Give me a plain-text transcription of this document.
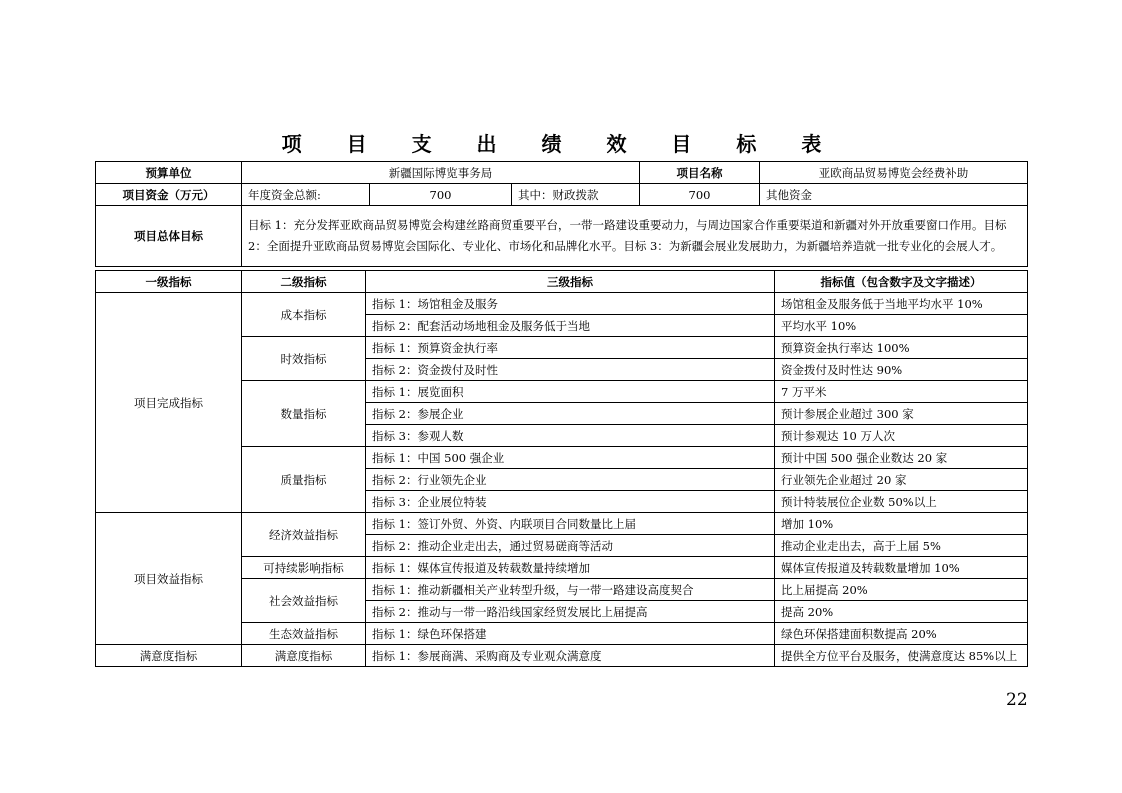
项 目 支 出 绩 效 目 标 表
预算单位	新疆国际博览事务局			项目名称	亚欧商品贸易博览会经费补助
项目资金（万元）	年度资金总额:	700	其中：财政拨款	700	其他资金
项目总体目标	目标 1：充分发挥亚欧商品贸易博览会构建丝路商贸重要平台，一带一路建设重要动力，与周边国家合作重要渠道和新疆对外开放重要窗口作用。目标 2：全面提升亚欧商品贸易博览会国际化、专业化、市场化和品牌化水平。目标 3：为新疆会展业发展助力，为新疆培养造就一批专业化的会展人才。				
一级指标	二级指标	三级指标	指标值（包含数字及文字描述）
项目完成指标	成本指标	指标 1：场馆租金及服务	场馆租金及服务低于当地平均水平 10%
		指标 2：配套活动场地租金及服务低于当地	平均水平 10%
	时效指标	指标 1：预算资金执行率	预算资金执行率达 100%
		指标 2：资金拨付及时性	资金拨付及时性达 90%
	数量指标	指标 1：展览面积	7 万平米
		指标 2：参展企业	预计参展企业超过 300 家
		指标 3：参观人数	预计参观达 10 万人次
	质量指标	指标 1：中国 500 强企业	预计中国 500 强企业数达 20 家
		指标 2：行业领先企业	行业领先企业超过 20 家
		指标 3：企业展位特装	预计特装展位企业数 50%以上
项目效益指标	经济效益指标	指标 1：签订外贸、外资、内联项目合同数量比上届	增加 10%
		指标 2：推动企业走出去，通过贸易磋商等活动	推动企业走出去，高于上届 5%
	可持续影响指标	指标 1：媒体宣传报道及转载数量持续增加	媒体宣传报道及转载数量增加 10%
	社会效益指标	指标 1：推动新疆相关产业转型升级，与一带一路建设高度契合	比上届提高 20%
		指标 2：推动与一带一路沿线国家经贸发展比上届提高	提高 20%
	生态效益指标	指标 1：绿色环保搭建	绿色环保搭建面积数提高 20%
满意度指标	满意度指标	指标 1：参展商满、采购商及专业观众满意度	提供全方位平台及服务，使满意度达 85%以上
22
